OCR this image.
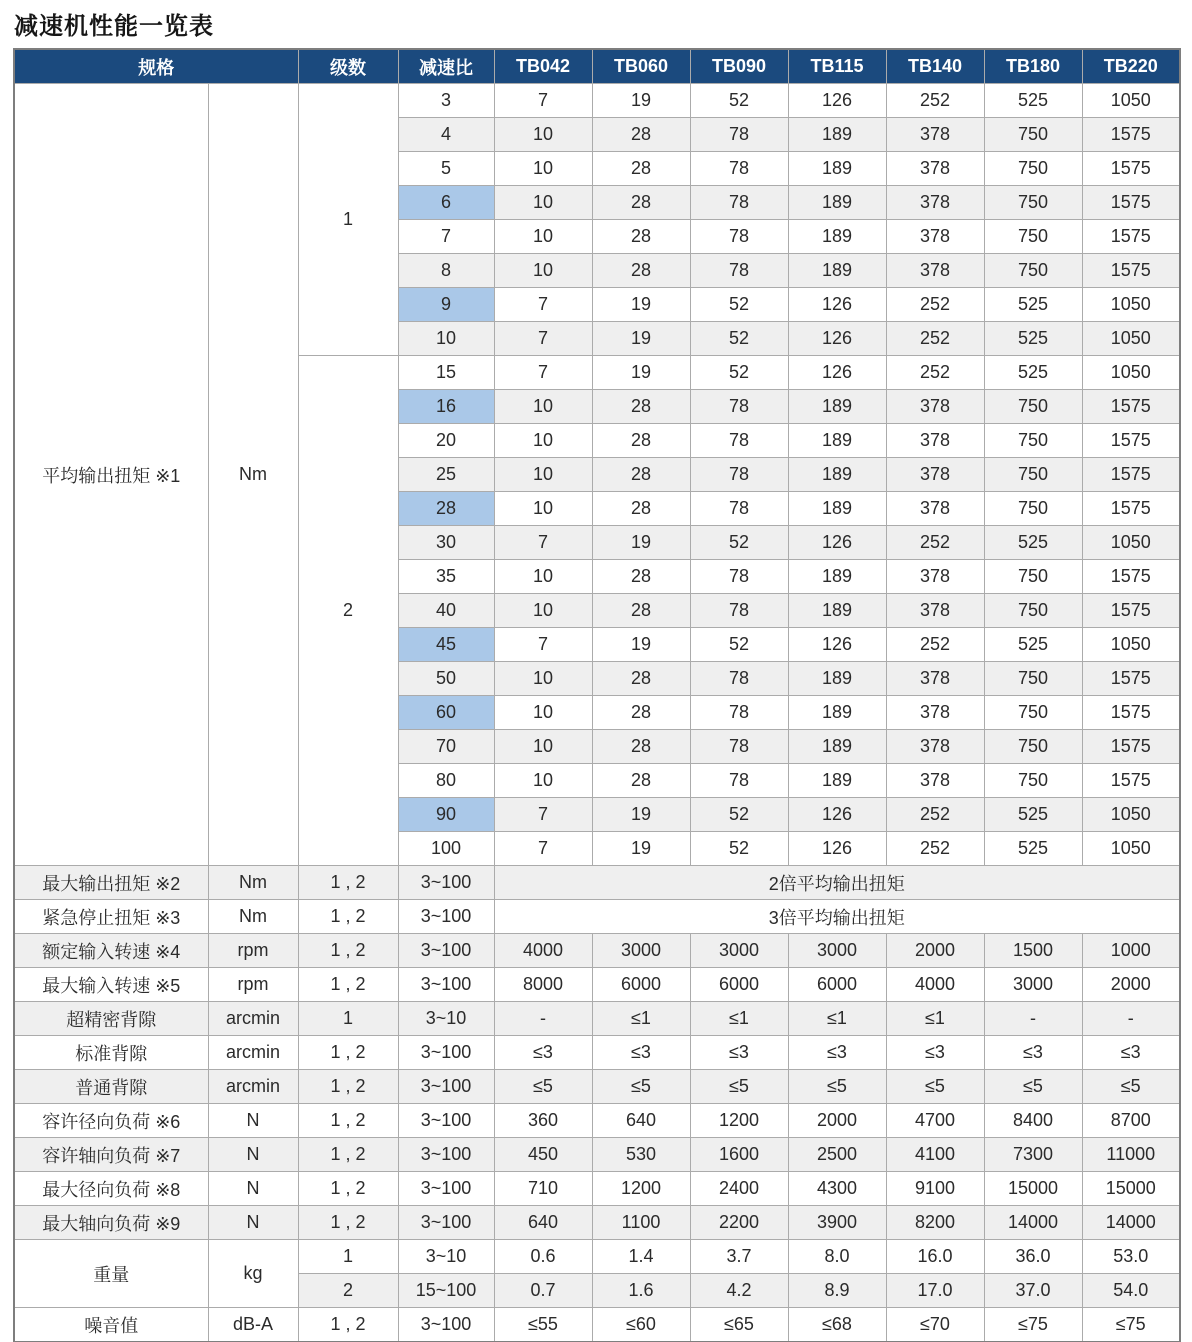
减速机性能一览表
规格		级数	减速比	TB042	TB060	TB090	TB115	TB140	TB180	TB220
平均输出扭矩 ※1	Nm	1	3	7	19	52	126	252	525	1050
			4	10	28	78	189	378	750	1575
			5	10	28	78	189	378	750	1575
			6	10	28	78	189	378	750	1575
			7	10	28	78	189	378	750	1575
			8	10	28	78	189	378	750	1575
			9	7	19	52	126	252	525	1050
			10	7	19	52	126	252	525	1050
		2	15	7	19	52	126	252	525	1050
			16	10	28	78	189	378	750	1575
			20	10	28	78	189	378	750	1575
			25	10	28	78	189	378	750	1575
			28	10	28	78	189	378	750	1575
			30	7	19	52	126	252	525	1050
			35	10	28	78	189	378	750	1575
			40	10	28	78	189	378	750	1575
			45	7	19	52	126	252	525	1050
			50	10	28	78	189	378	750	1575
			60	10	28	78	189	378	750	1575
			70	10	28	78	189	378	750	1575
			80	10	28	78	189	378	750	1575
			90	7	19	52	126	252	525	1050
			100	7	19	52	126	252	525	1050
最大输出扭矩 ※2	Nm	1 , 2	3~100	2倍平均输出扭矩						
紧急停止扭矩 ※3	Nm	1 , 2	3~100	3倍平均输出扭矩						
额定输入转速 ※4	rpm	1 , 2	3~100	4000	3000	3000	3000	2000	1500	1000
最大输入转速 ※5	rpm	1 , 2	3~100	8000	6000	6000	6000	4000	3000	2000
超精密背隙	arcmin	1	3~10	-	≤1	≤1	≤1	≤1	-	-
标准背隙	arcmin	1 , 2	3~100	≤3	≤3	≤3	≤3	≤3	≤3	≤3
普通背隙	arcmin	1 , 2	3~100	≤5	≤5	≤5	≤5	≤5	≤5	≤5
容许径向负荷 ※6	N	1 , 2	3~100	360	640	1200	2000	4700	8400	8700
容许轴向负荷 ※7	N	1 , 2	3~100	450	530	1600	2500	4100	7300	11000
最大径向负荷 ※8	N	1 , 2	3~100	710	1200	2400	4300	9100	15000	15000
最大轴向负荷 ※9	N	1 , 2	3~100	640	1100	2200	3900	8200	14000	14000
重量	kg	1	3~10	0.6	1.4	3.7	8.0	16.0	36.0	53.0
		2	15~100	0.7	1.6	4.2	8.9	17.0	37.0	54.0
噪音值	dB-A	1 , 2	3~100	≤55	≤60	≤65	≤68	≤70	≤75	≤75
